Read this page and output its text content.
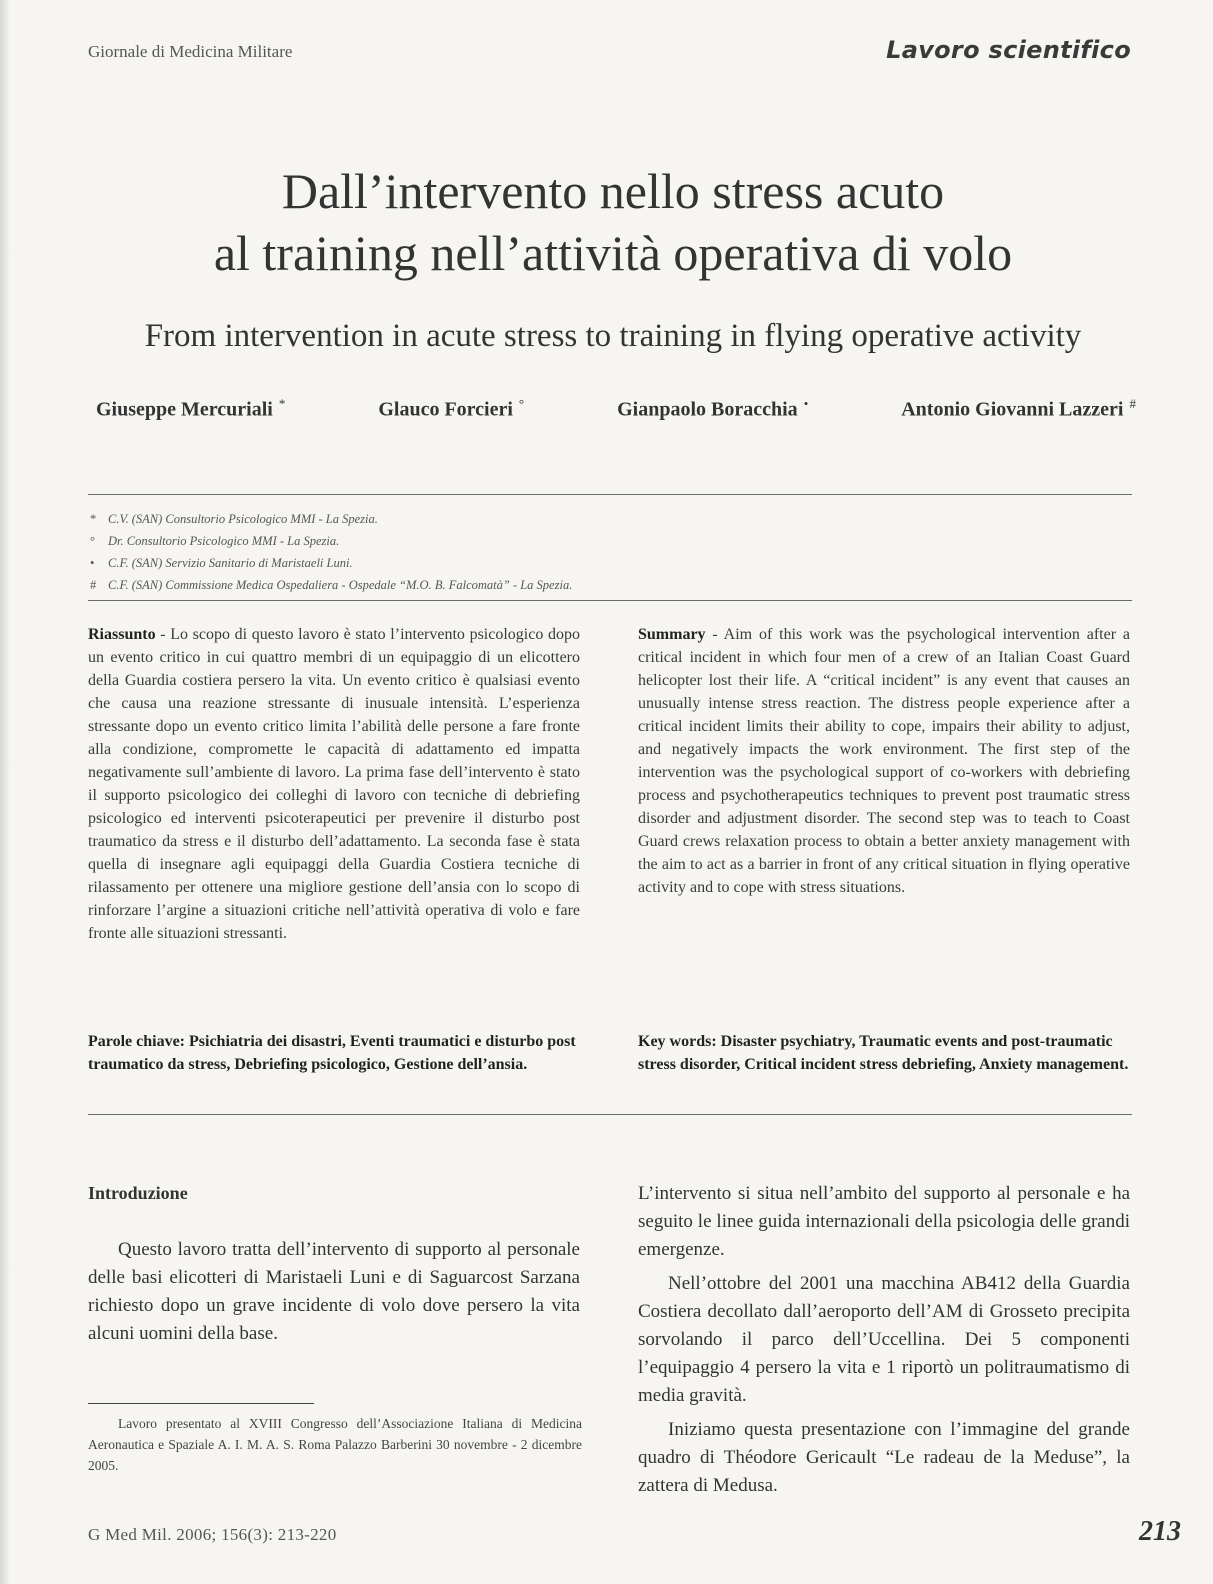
Giornale di Medicina Militare	Lavoro scientifico
Dall’intervento nello stress acuto
al training nell’attività operativa di volo
From intervention in acute stress to training in flying operative activity
Giuseppe Mercuriali *	Glauco Forcieri °	Gianpaolo Boracchia •	Antonio Giovanni Lazzeri #
* C.V. (SAN) Consultorio Psicologico MMI - La Spezia.
°	Dr. Consultorio Psicologico MMI - La Spezia.
•	C.F. (SAN) Servizio Sanitario di Maristaeli Luni.
# C.F. (SAN) Commissione Medica Ospedaliera - Ospedale “M.O. B. Falcomatà” - La Spezia.
Riassunto - Lo scopo di questo lavoro è stato l’intervento psicologico dopo un evento critico in cui quattro membri di un equipaggio di un elicottero della Guardia costiera persero la vita. Un evento critico è qualsiasi evento che causa una reazione stressante di inusuale intensità. L’esperienza stressante dopo un evento critico limita l’abilità delle persone a fare fronte alla condizione, compromette le capacità di adattamento ed impatta negativamente sull’ambiente di lavoro. La prima fase dell’intervento è stato il supporto psicologico dei colleghi di lavoro con tecniche di debriefing psicologico ed interventi psicoterapeutici per prevenire il disturbo post traumatico da stress e il disturbo dell’adattamento. La seconda fase è stata quella di insegnare agli equipaggi della Guardia Costiera tecniche di rilassamento per ottenere una migliore gestione dell’ansia con lo scopo di rinforzare l’argine a situazioni critiche nell’attività operativa di volo e fare fronte alle situazioni stressanti.
Summary - Aim of this work was the psychological intervention after a critical incident in which four men of a crew of an Italian Coast Guard helicopter lost their life. A “critical incident” is any event that causes an unusually intense stress reaction. The distress people experience after a critical incident limits their ability to cope, impairs their ability to adjust, and negatively impacts the work environment. The first step of the intervention was the psychological support of co-workers with debriefing process and psychotherapeutics techniques to prevent post traumatic stress disorder and adjustment disorder. The second step was to teach to Coast Guard crews relaxation process to obtain a better anxiety management with the aim to act as a barrier in front of any critical situation in flying operative activity and to cope with stress situations.
Parole chiave: Psichiatria dei disastri, Eventi traumatici e disturbo post traumatico da stress, Debriefing psicologico, Gestione dell’ansia.
Key words: Disaster psychiatry, Traumatic events and post-traumatic stress disorder, Critical incident stress debriefing, Anxiety management.
Introduzione

Questo lavoro tratta dell’intervento di supporto al personale delle basi elicotteri di Maristaeli Luni e di Saguarcost Sarzana richiesto dopo un grave incidente di volo dove persero la vita alcuni uomini della base.

L’intervento si situa nell’ambito del supporto al personale e ha seguito le linee guida internazionali della psicologia delle grandi emergenze.

Nell’ottobre del 2001 una macchina AB412 della Guardia Costiera decollato dall’aeroporto dell’AM di Grosseto precipita sorvolando il parco dell’Uccellina. Dei 5 componenti l’equipaggio 4 persero la vita e 1 riportò un politraumatismo di media gravità.

Iniziamo questa presentazione con l’immagine del grande quadro di Théodore Gericault “Le radeau de la Meduse”, la zattera di Medusa.

Lavoro presentato al XVIII Congresso dell’Associazione Italiana di Medicina Aeronautica e Spaziale A. I. M. A. S. Roma Palazzo Barberini 30 novembre - 2 dicembre 2005.
G Med Mil. 2006; 156(3): 213-220	213
